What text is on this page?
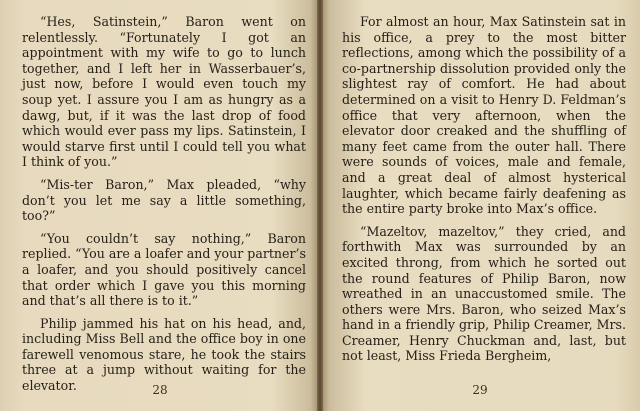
“Hes, Satinstein,” Baron went on relentlessly. “Fortunately I got an appointment with my wife to go to lunch together, and I left her in Wasserbauer’s, just now, before I would even touch my soup yet. I assure you I am as hungry as a dawg, but, if it was the last drop of food which would ever pass my lips. Satinstein, I would starve first until I could tell you what I think of you.”

“Mis-ter Baron,” Max pleaded, “why don’t you let me say a little something, too?”

“You couldn’t say nothing,” Baron replied. “You are a loafer and your partner’s a loafer, and you should positively cancel that order which I gave you this morning and that’s all there is to it.”

Philip jammed his hat on his head, and, including Miss Bell and the office boy in one farewell venomous stare, he took the stairs three at a jump without waiting for the elevator.	28

For almost an hour, Max Satinstein sat in his office, a prey to the most bitter reflections, among which the possibility of a co-partnership dissolution provided only the slightest ray of comfort. He had about determined on a visit to Henry D. Feldman’s office that very afternoon, when the elevator door creaked and the shuffling of many feet came from the outer hall. There were sounds of voices, male and female, and a great deal of almost hysterical laughter, which became fairly deafening as the entire party broke into Max’s office.

“Mazeltov, mazeltov,” they cried, and forthwith Max was surrounded by an excited throng, from which he sorted out the round features of Philip Baron, now wreathed in an unaccustomed smile. The others were Mrs. Baron, who seized Max’s hand in a friendly grip, Philip Creamer, Mrs. Creamer, Henry Chuckman and, last, but not least, Miss Frieda Bergheim,

29
